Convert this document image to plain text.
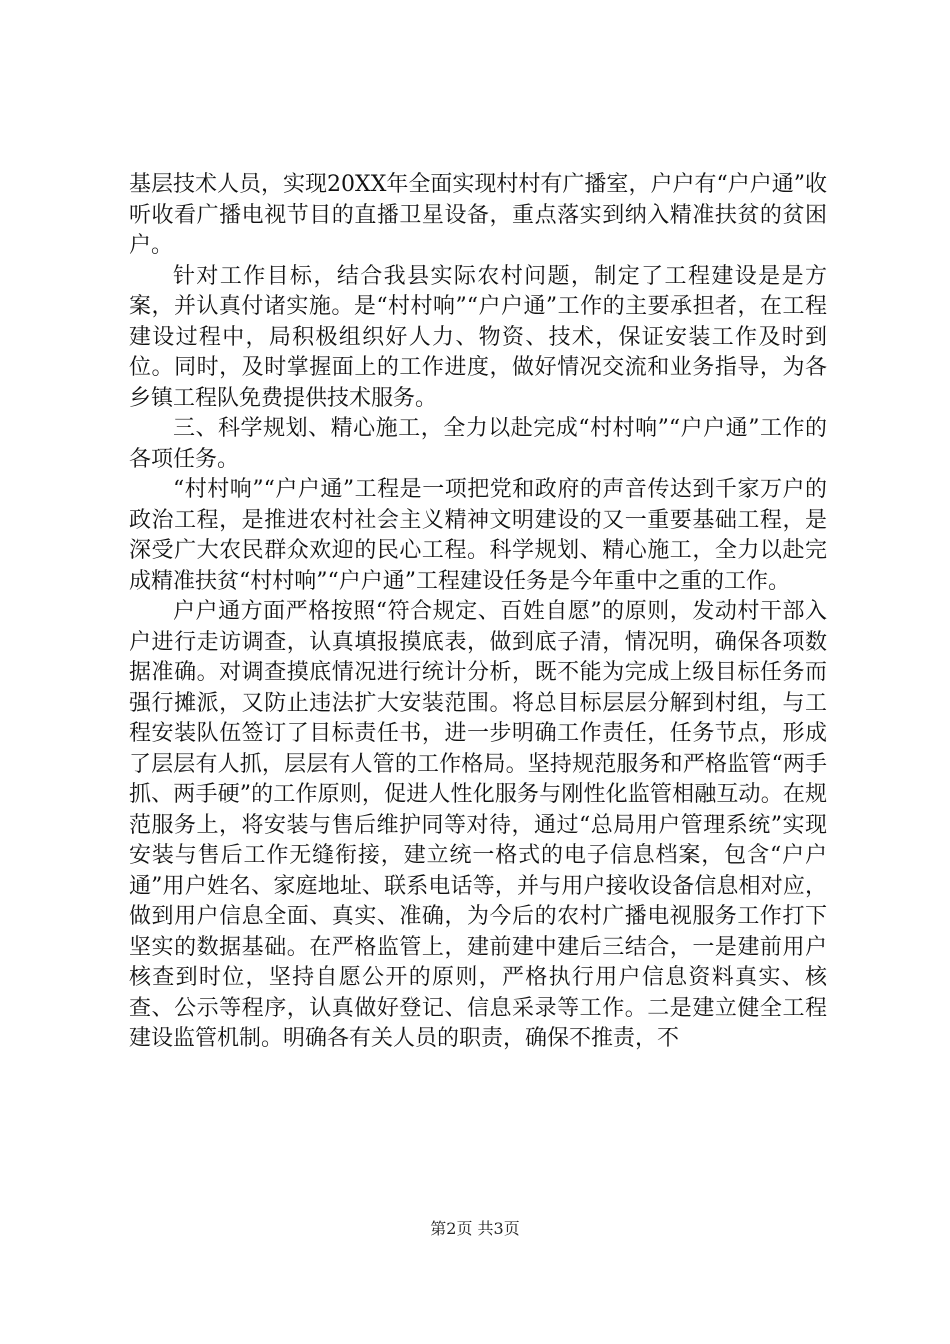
基层技术人员，实现20XX年全面实现村村有广播室，户户有“户户通”收听收看广播电视节目的直播卫星设备，重点落实到纳入精准扶贫的贫困户。

针对工作目标，结合我县实际农村问题，制定了工程建设是是方案，并认真付诸实施。是“村村响”“户户通”工作的主要承担者，在工程建设过程中，局积极组织好人力、物资、技术，保证安装工作及时到位。同时，及时掌握面上的工作进度，做好情况交流和业务指导，为各乡镇工程队免费提供技术服务。

三、科学规划、精心施工，全力以赴完成“村村响”“户户通”工作的各项任务。

“村村响”“户户通”工程是一项把党和政府的声音传达到千家万户的政治工程，是推进农村社会主义精神文明建设的又一重要基础工程，是深受广大农民群众欢迎的民心工程。科学规划、精心施工，全力以赴完成精准扶贫“村村响”“户户通”工程建设任务是今年重中之重的工作。

户户通方面严格按照“符合规定、百姓自愿”的原则，发动村干部入户进行走访调查，认真填报摸底表，做到底子清，情况明，确保各项数据准确。对调查摸底情况进行统计分析，既不能为完成上级目标任务而强行摊派，又防止违法扩大安装范围。将总目标层层分解到村组，与工程安装队伍签订了目标责任书，进一步明确工作责任，任务节点，形成了层层有人抓，层层有人管的工作格局。坚持规范服务和严格监管“两手抓、两手硬”的工作原则，促进人性化服务与刚性化监管相融互动。在规范服务上，将安装与售后维护同等对待，通过“总局用户管理系统”实现安装与售后工作无缝衔接，建立统一格式的电子信息档案，包含“户户通”用户姓名、家庭地址、联系电话等，并与用户接收设备信息相对应，做到用户信息全面、真实、准确，为今后的农村广播电视服务工作打下坚实的数据基础。在严格监管上，建前建中建后三结合，一是建前用户核查到时位，坚持自愿公开的原则，严格执行用户信息资料真实、核查、公示等程序，认真做好登记、信息采录等工作。二是建立健全工程建设监管机制。明确各有关人员的职责，确保不推责，不

第2页 共3页
